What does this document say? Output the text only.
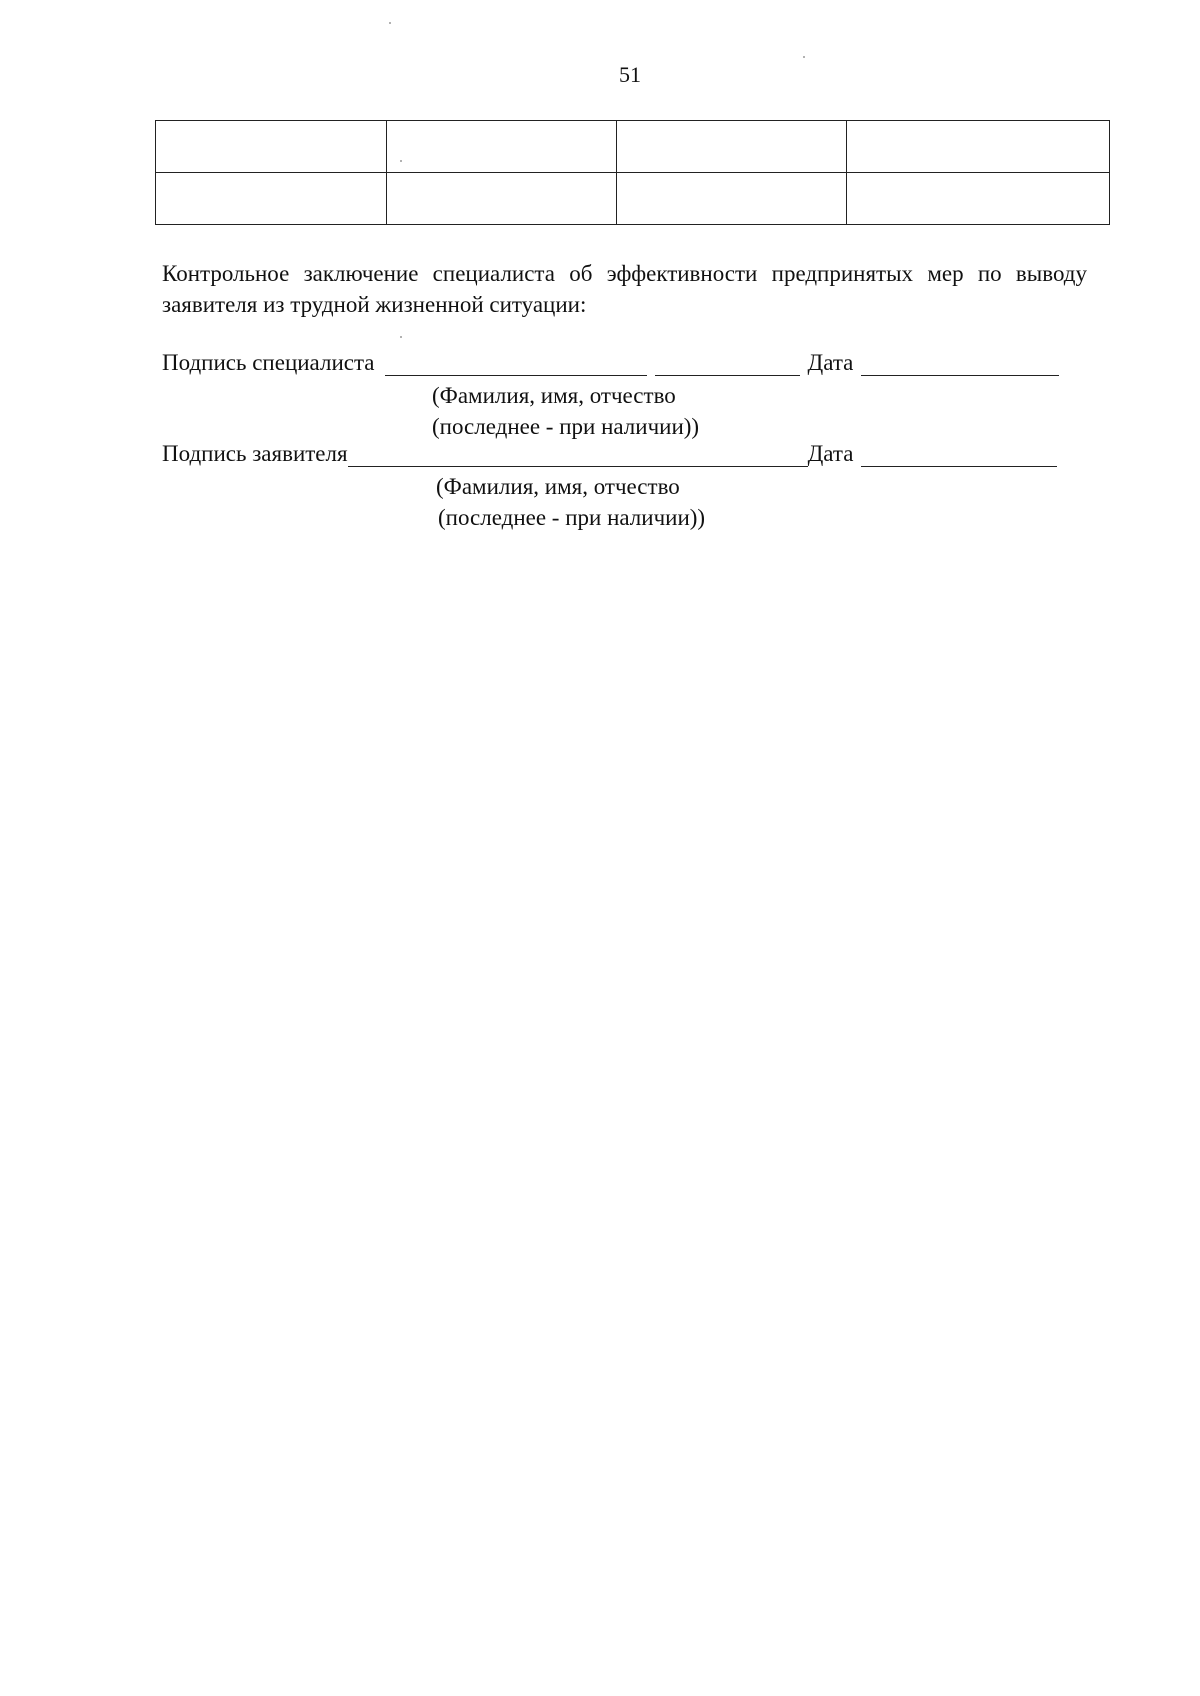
51

Контрольное заключение специалиста об эффективности предпринятых мер по выводу заявителя из трудной жизненной ситуации:
Подпись специалиста	Дата
(Фамилия, имя, отчество
(последнее - при наличии))
Подпись заявителя	Дата
(Фамилия, имя, отчество
(последнее - при наличии))
